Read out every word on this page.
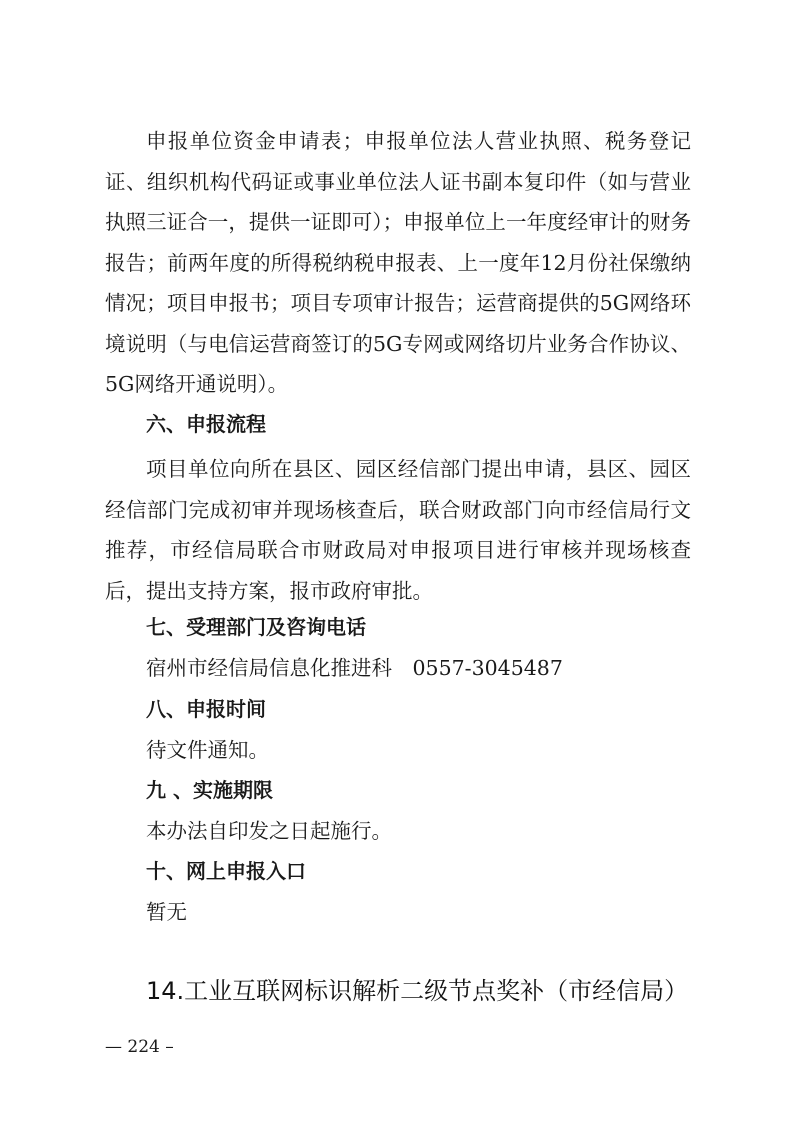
申报单位资金申请表；申报单位法人营业执照、税务登记证、组织机构代码证或事业单位法人证书副本复印件（如与营业执照三证合一，提供一证即可）；申报单位上一年度经审计的财务报告；前两年度的所得税纳税申报表、上一度年12月份社保缴纳情况；项目申报书；项目专项审计报告；运营商提供的5G网络环境说明（与电信运营商签订的5G专网或网络切片业务合作协议、5G网络开通说明）。

六、申报流程

项目单位向所在县区、园区经信部门提出申请，县区、园区经信部门完成初审并现场核查后，联合财政部门向市经信局行文推荐，市经信局联合市财政局对申报项目进行审核并现场核查后，提出支持方案，报市政府审批。

七、受理部门及咨询电话

宿州市经信局信息化推进科　0557-3045487

八、申报时间

待文件通知。

九 、实施期限

本办法自印发之日起施行。

十、网上申报入口

暂无

14.工业互联网标识解析二级节点奖补（市经信局）

— 224 –
